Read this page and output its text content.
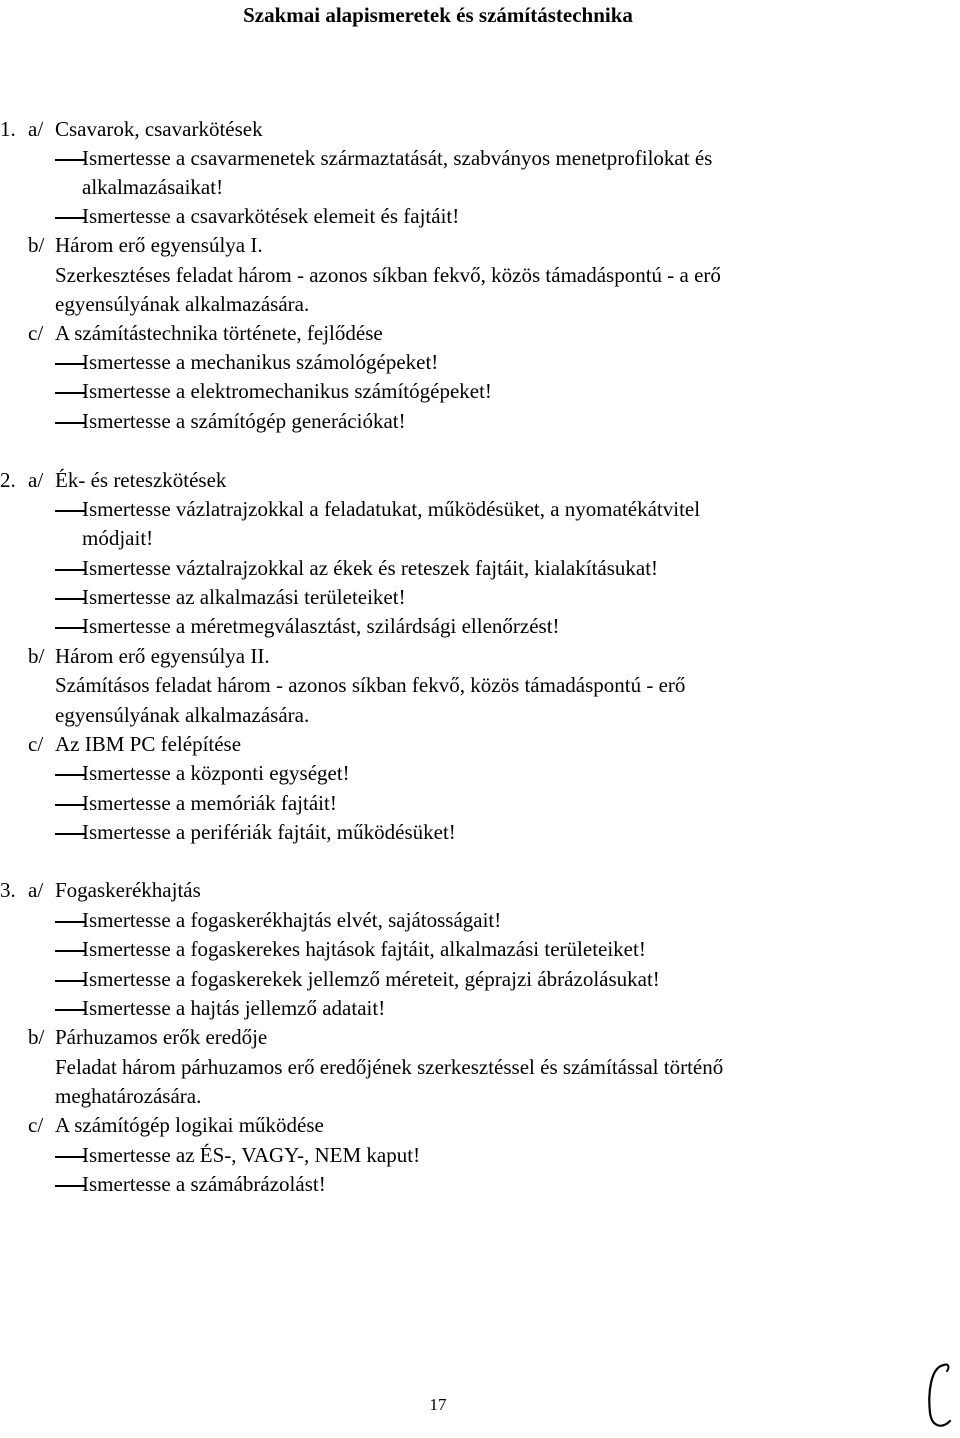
Szakmai alapismeretek és számítástechnika
1. a/ Csavarok, csavarkötések
Ismertesse a csavarmenetek származtatását, szabványos menetprofilokat és
alkalmazásaikat!
Ismertesse a csavarkötések elemeit és fajtáit!
b/ Három erő egyensúlya I.
Szerkesztéses feladat három - azonos síkban fekvő, közös támadáspontú - a erő
egyensúlyának alkalmazására.
c/ A számítástechnika története, fejlődése
Ismertesse a mechanikus számológépeket!
Ismertesse a elektromechanikus számítógépeket!
Ismertesse a számítógép generációkat!
2. a/ Ék- és reteszkötések
Ismertesse vázlatrajzokkal a feladatukat, működésüket, a nyomatékátvitel
módjait!
Ismertesse váztalrajzokkal az ékek és reteszek fajtáit, kialakításukat!
Ismertesse az alkalmazási területeiket!
Ismertesse a méretmegválasztást, szilárdsági ellenőrzést!
b/ Három erő egyensúlya II.
Számításos feladat három - azonos síkban fekvő, közös támadáspontú - erő
egyensúlyának alkalmazására.
c/ Az IBM PC felépítése
Ismertesse a központi egységet!
Ismertesse a memóriák fajtáit!
Ismertesse a perifériák fajtáit, működésüket!
3. a/ Fogaskerékhajtás
Ismertesse a fogaskerékhajtás elvét, sajátosságait!
Ismertesse a fogaskerekes hajtások fajtáit, alkalmazási területeiket!
Ismertesse a fogaskerekek jellemző méreteit, géprajzi ábrázolásukat!
Ismertesse a hajtás jellemző adatait!
b/ Párhuzamos erők eredője
Feladat három párhuzamos erő eredőjének szerkesztéssel és számítással történő
meghatározására.
c/ A számítógép logikai működése
Ismertesse az ÉS-, VAGY-, NEM kaput!
Ismertesse a számábrázolást!
17
